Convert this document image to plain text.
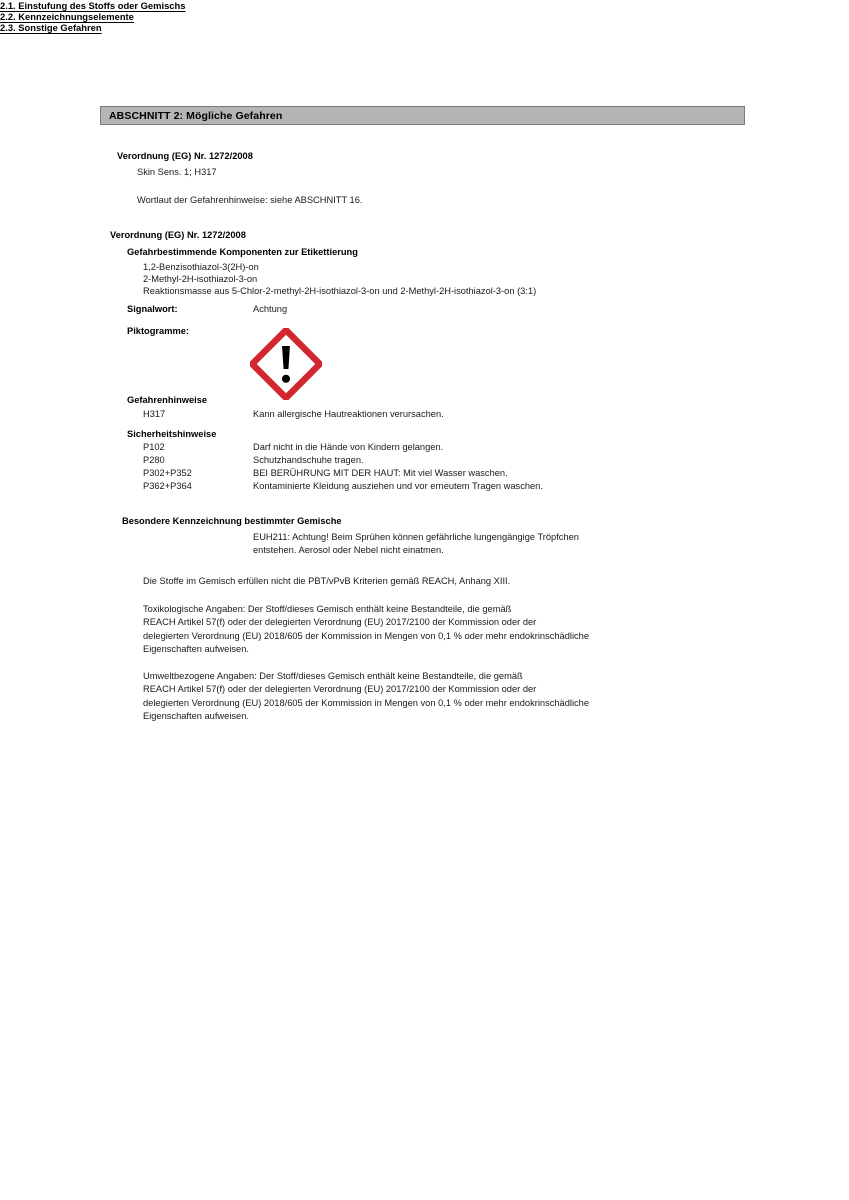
ABSCHNITT 2: Mögliche Gefahren
2.1. Einstufung des Stoffs oder Gemischs
Verordnung (EG) Nr. 1272/2008
Skin Sens. 1; H317
Wortlaut der Gefahrenhinweise: siehe ABSCHNITT 16.
2.2. Kennzeichnungselemente
Verordnung (EG) Nr. 1272/2008
Gefahrbestimmende Komponenten zur Etikettierung
1,2-Benzisothiazol-3(2H)-on
2-Methyl-2H-isothiazol-3-on
Reaktionsmasse aus 5-Chlor-2-methyl-2H-isothiazol-3-on und 2-Methyl-2H-isothiazol-3-on (3:1)
Signalwort:	Achtung
Piktogramme:
Gefahrenhinweise
H317	Kann allergische Hautreaktionen verursachen.
Sicherheitshinweise
P102	Darf nicht in die Hände von Kindern gelangen.
P280	Schutzhandschuhe tragen.
P302+P352	BEI BERÜHRUNG MIT DER HAUT: Mit viel Wasser waschen.
P362+P364	Kontaminierte Kleidung ausziehen und vor erneutem Tragen waschen.
Besondere Kennzeichnung bestimmter Gemische
EUH211: Achtung! Beim Sprühen können gefährliche lungengängige Tröpfchen
entstehen. Aerosol oder Nebel nicht einatmen.
2.3. Sonstige Gefahren
Die Stoffe im Gemisch erfüllen nicht die PBT/vPvB Kriterien gemäß REACH, Anhang XIII.
Toxikologische Angaben: Der Stoff/dieses Gemisch enthält keine Bestandteile, die gemäß
REACH Artikel 57(f) oder der delegierten Verordnung (EU) 2017/2100 der Kommission oder der
delegierten Verordnung (EU) 2018/605 der Kommission in Mengen von 0,1 % oder mehr endokrinschädliche
Eigenschaften aufweisen.
Umweltbezogene Angaben: Der Stoff/dieses Gemisch enthält keine Bestandteile, die gemäß
REACH Artikel 57(f) oder der delegierten Verordnung (EU) 2017/2100 der Kommission oder der
delegierten Verordnung (EU) 2018/605 der Kommission in Mengen von 0,1 % oder mehr endokrinschädliche
Eigenschaften aufweisen.
